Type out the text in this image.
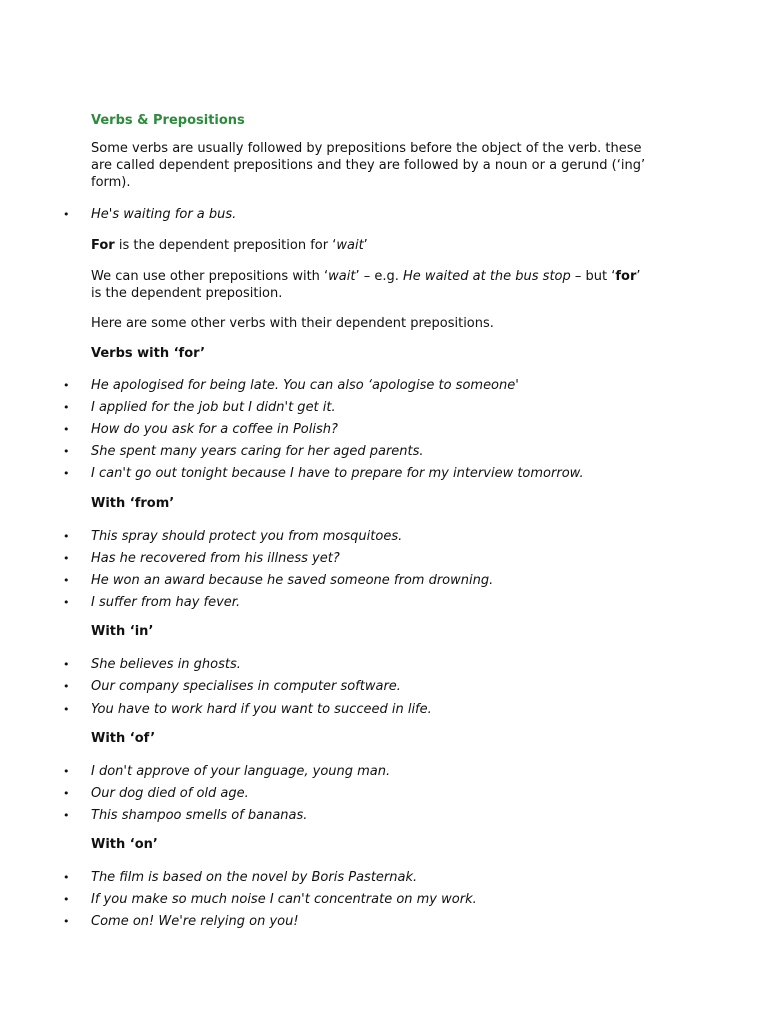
Verbs & Prepositions
Some verbs are usually followed by prepositions before the object of the verb. these
are called dependent prepositions and they are followed by a noun or a gerund (‘ing’
form).
• He's waiting for a bus.
For is the dependent preposition for ‘wait’
We can use other prepositions with ‘wait’ – e.g. He waited at the bus stop – but ‘for’
is the dependent preposition.
Here are some other verbs with their dependent prepositions.
Verbs with ‘for’
• He apologised for being late. You can also ‘apologise to someone'
• I applied for the job but I didn't get it.
• How do you ask for a coffee in Polish?
• She spent many years caring for her aged parents.
• I can't go out tonight because I have to prepare for my interview tomorrow.
With ‘from’
• This spray should protect you from mosquitoes.
• Has he recovered from his illness yet?
• He won an award because he saved someone from drowning.
• I suffer from hay fever.
With ‘in’
• She believes in ghosts.
• Our company specialises in computer software.
• You have to work hard if you want to succeed in life.
With ‘of’
• I don't approve of your language, young man.
• Our dog died of old age.
• This shampoo smells of bananas.
With ‘on’
• The film is based on the novel by Boris Pasternak.
• If you make so much noise I can't concentrate on my work.
• Come on! We're relying on you!
